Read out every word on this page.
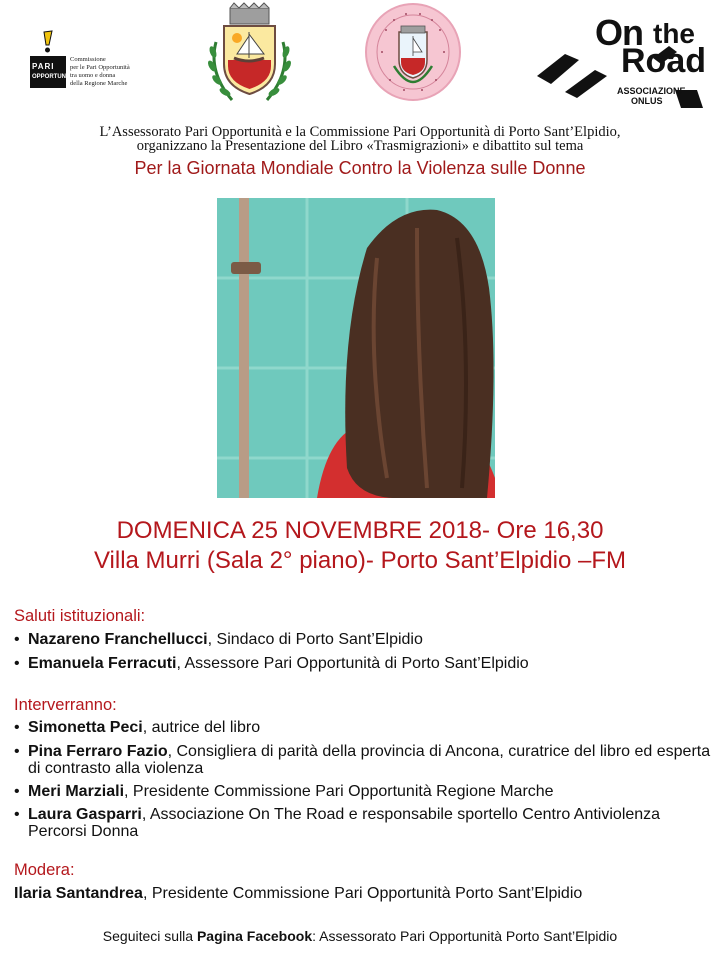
PARI
OPPORTUNITÀ
Commissione
per le Pari Opportunità
tra uomo e donna
della Regione Marche
On the
Road
ASSOCIAZIONE
ONLUS
L’Assessorato Pari Opportunità e la Commissione Pari Opportunità di Porto Sant’Elpidio,
organizzano la Presentazione del Libro «Trasmigrazioni» e dibattito sul tema
Per la Giornata Mondiale Contro la Violenza sulle Donne
DOMENICA 25 NOVEMBRE 2018- Ore 16,30
Villa Murri (Sala 2° piano)- Porto Sant’Elpidio –FM
Saluti istituzionali:
• Nazareno Franchellucci, Sindaco di Porto Sant’Elpidio
• Emanuela Ferracuti, Assessore Pari Opportunità di Porto Sant’Elpidio
Interverranno:
• Simonetta Peci, autrice del libro
• Pina Ferraro Fazio, Consigliera di parità della provincia di Ancona, curatrice del libro ed esperta di contrasto alla violenza
• Meri Marziali, Presidente Commissione Pari Opportunità Regione Marche
• Laura Gasparri, Associazione On The Road e responsabile sportello Centro Antiviolenza Percorsi Donna
Modera:
Ilaria Santandrea, Presidente Commissione Pari Opportunità Porto Sant’Elpidio
Seguiteci sulla Pagina Facebook: Assessorato Pari Opportunità Porto Sant’Elpidio
